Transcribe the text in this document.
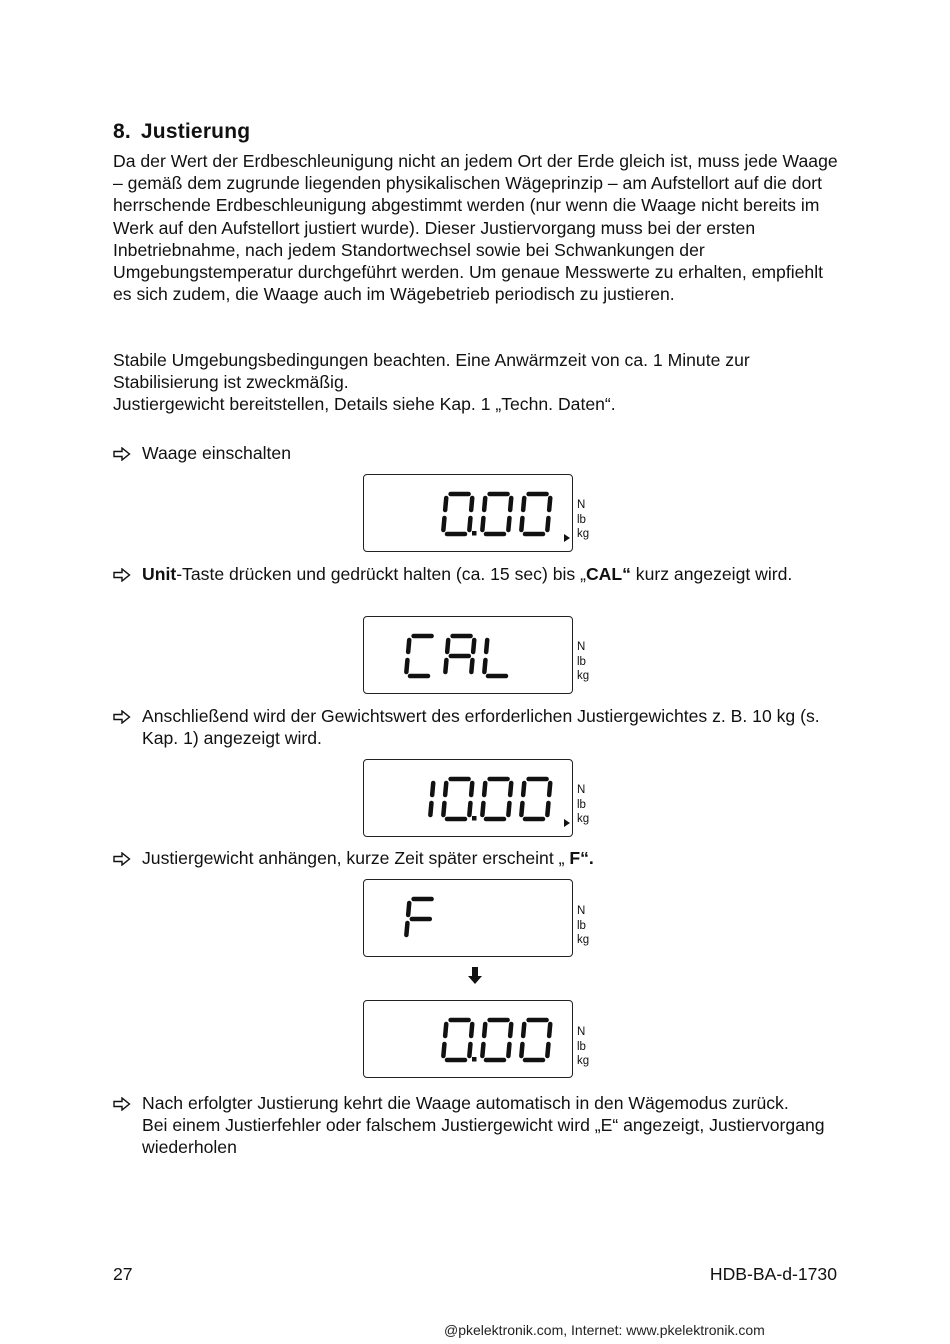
8. Justierung

Da der Wert der Erdbeschleunigung nicht an jedem Ort der Erde gleich ist, muss jede Waage – gemäß dem zugrunde liegenden physikalischen Wägeprinzip – am Aufstellort auf die dort herrschende Erdbeschleunigung abgestimmt werden (nur wenn die Waage nicht bereits im Werk auf den Aufstellort justiert wurde). Dieser Justiervorgang muss bei der ersten Inbetriebnahme, nach jedem Standortwechsel sowie bei Schwankungen der Umgebungstemperatur durchgeführt werden. Um genaue Messwerte zu erhalten, empfiehlt es sich zudem, die Waage auch im Wägebetrieb periodisch zu justieren.

Stabile Umgebungsbedingungen beachten. Eine Anwärmzeit von ca. 1 Minute zur Stabilisierung ist zweckmäßig.

Justiergewicht bereitstellen, Details siehe Kap. 1 „Techn. Daten“.

Waage einschalten
N
lb
kg
Unit-Taste drücken und gedrückt halten (ca. 15 sec) bis „CAL“ kurz angezeigt wird.
N
lb
kg
Anschließend wird der Gewichtswert des erforderlichen Justiergewichtes z. B. 10 kg (s. Kap. 1) angezeigt wird.
N
lb
kg
Justiergewicht anhängen, kurze Zeit später erscheint „ F“.
N
lb
kg
N
lb
kg
Nach erfolgter Justierung kehrt die Waage automatisch in den Wägemodus zurück.
Bei einem Justierfehler oder falschem Justiergewicht wird „E“ angezeigt, Justiervorgang wiederholen
27	HDB-BA-d-1730
@pkelektronik.com, Internet: www.pkelektronik.com
